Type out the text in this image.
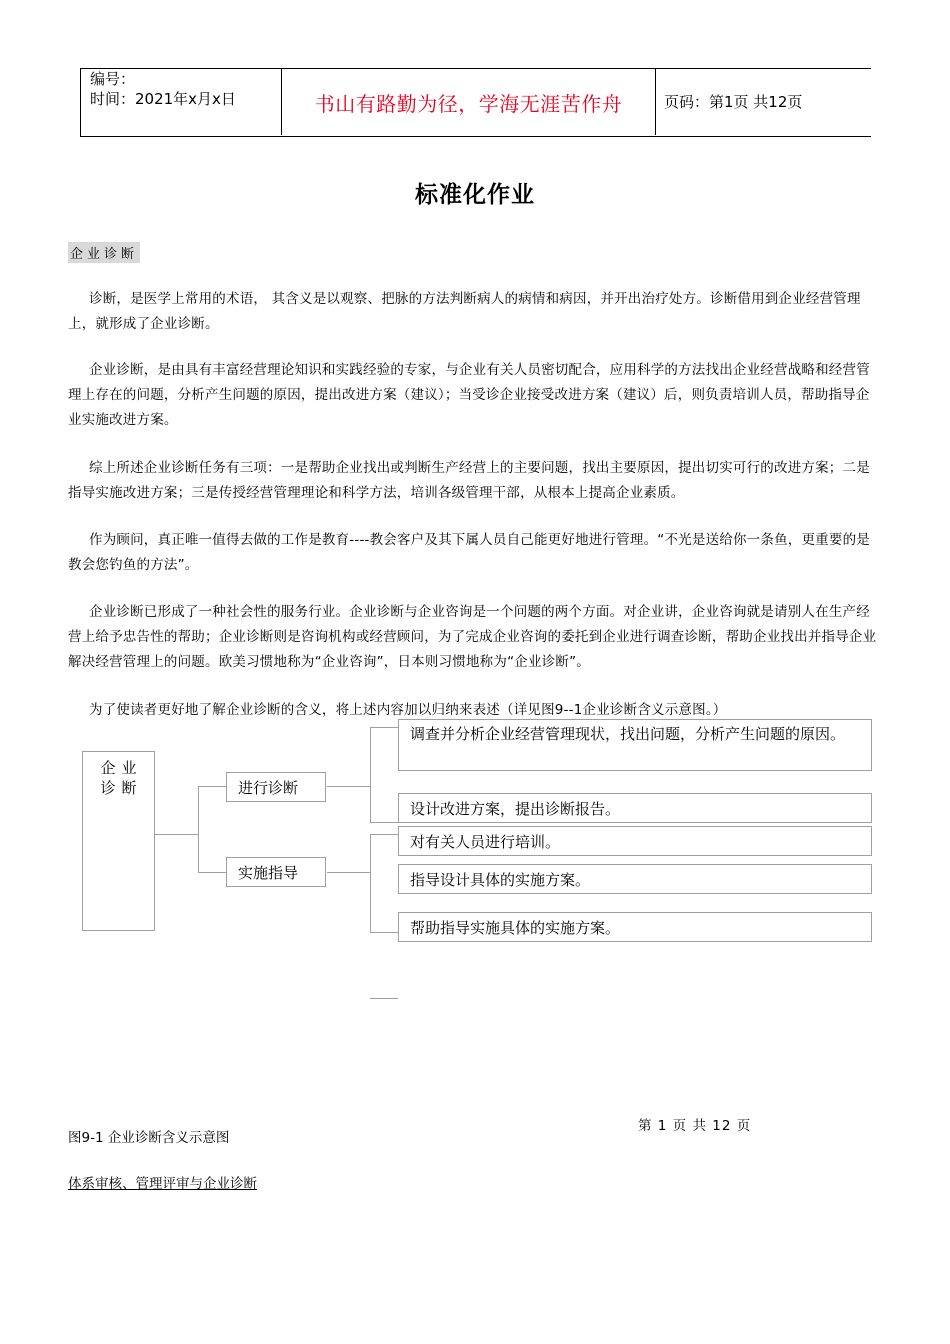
编号：
时间：2021年x月x日	书山有路勤为径，学海无涯苦作舟	页码：第1页 共12页
标准化作业
企业诊断
诊断，是医学上常用的术语， 其含义是以观察、把脉的方法判断病人的病情和病因，并开出治疗处方。诊断借用到企业经营管理上，就形成了企业诊断。
企业诊断，是由具有丰富经营理论知识和实践经验的专家，与企业有关人员密切配合，应用科学的方法找出企业经营战略和经营管理上存在的问题，分析产生问题的原因，提出改进方案（建议）；当受诊企业接受改进方案（建议）后，则负责培训人员，帮助指导企业实施改进方案。
综上所述企业诊断任务有三项：一是帮助企业找出或判断生产经营上的主要问题，找出主要原因，提出切实可行的改进方案；二是指导实施改进方案；三是传授经营管理理论和科学方法，培训各级管理干部，从根本上提高企业素质。
作为顾问，真正唯一值得去做的工作是教育----教会客户及其下属人员自己能更好地进行管理。“不光是送给你一条鱼，更重要的是教会您钓鱼的方法”。
企业诊断已形成了一种社会性的服务行业。企业诊断与企业咨询是一个问题的两个方面。对企业讲，企业咨询就是请别人在生产经营上给予忠告性的帮助；企业诊断则是咨询机构或经营顾问，为了完成企业咨询的委托到企业进行调查诊断，帮助企业找出并指导企业解决经营管理上的问题。欧美习惯地称为“企业咨询”，日本则习惯地称为“企业诊断”。
为了使读者更好地了解企业诊断的含义，将上述内容加以归纳来表述（详见图9--1企业诊断含义示意图。）
企业诊断	进行诊断
实施指导
调查并分析企业经营管理现状，找出问题，分析产生问题的原因。
设计改进方案，提出诊断报告。
对有关人员进行培训。
指导设计具体的实施方案。
帮助指导实施具体的实施方案。
第 1 页 共 12 页
图9-1 企业诊断含义示意图
体系审核、管理评审与企业诊断
